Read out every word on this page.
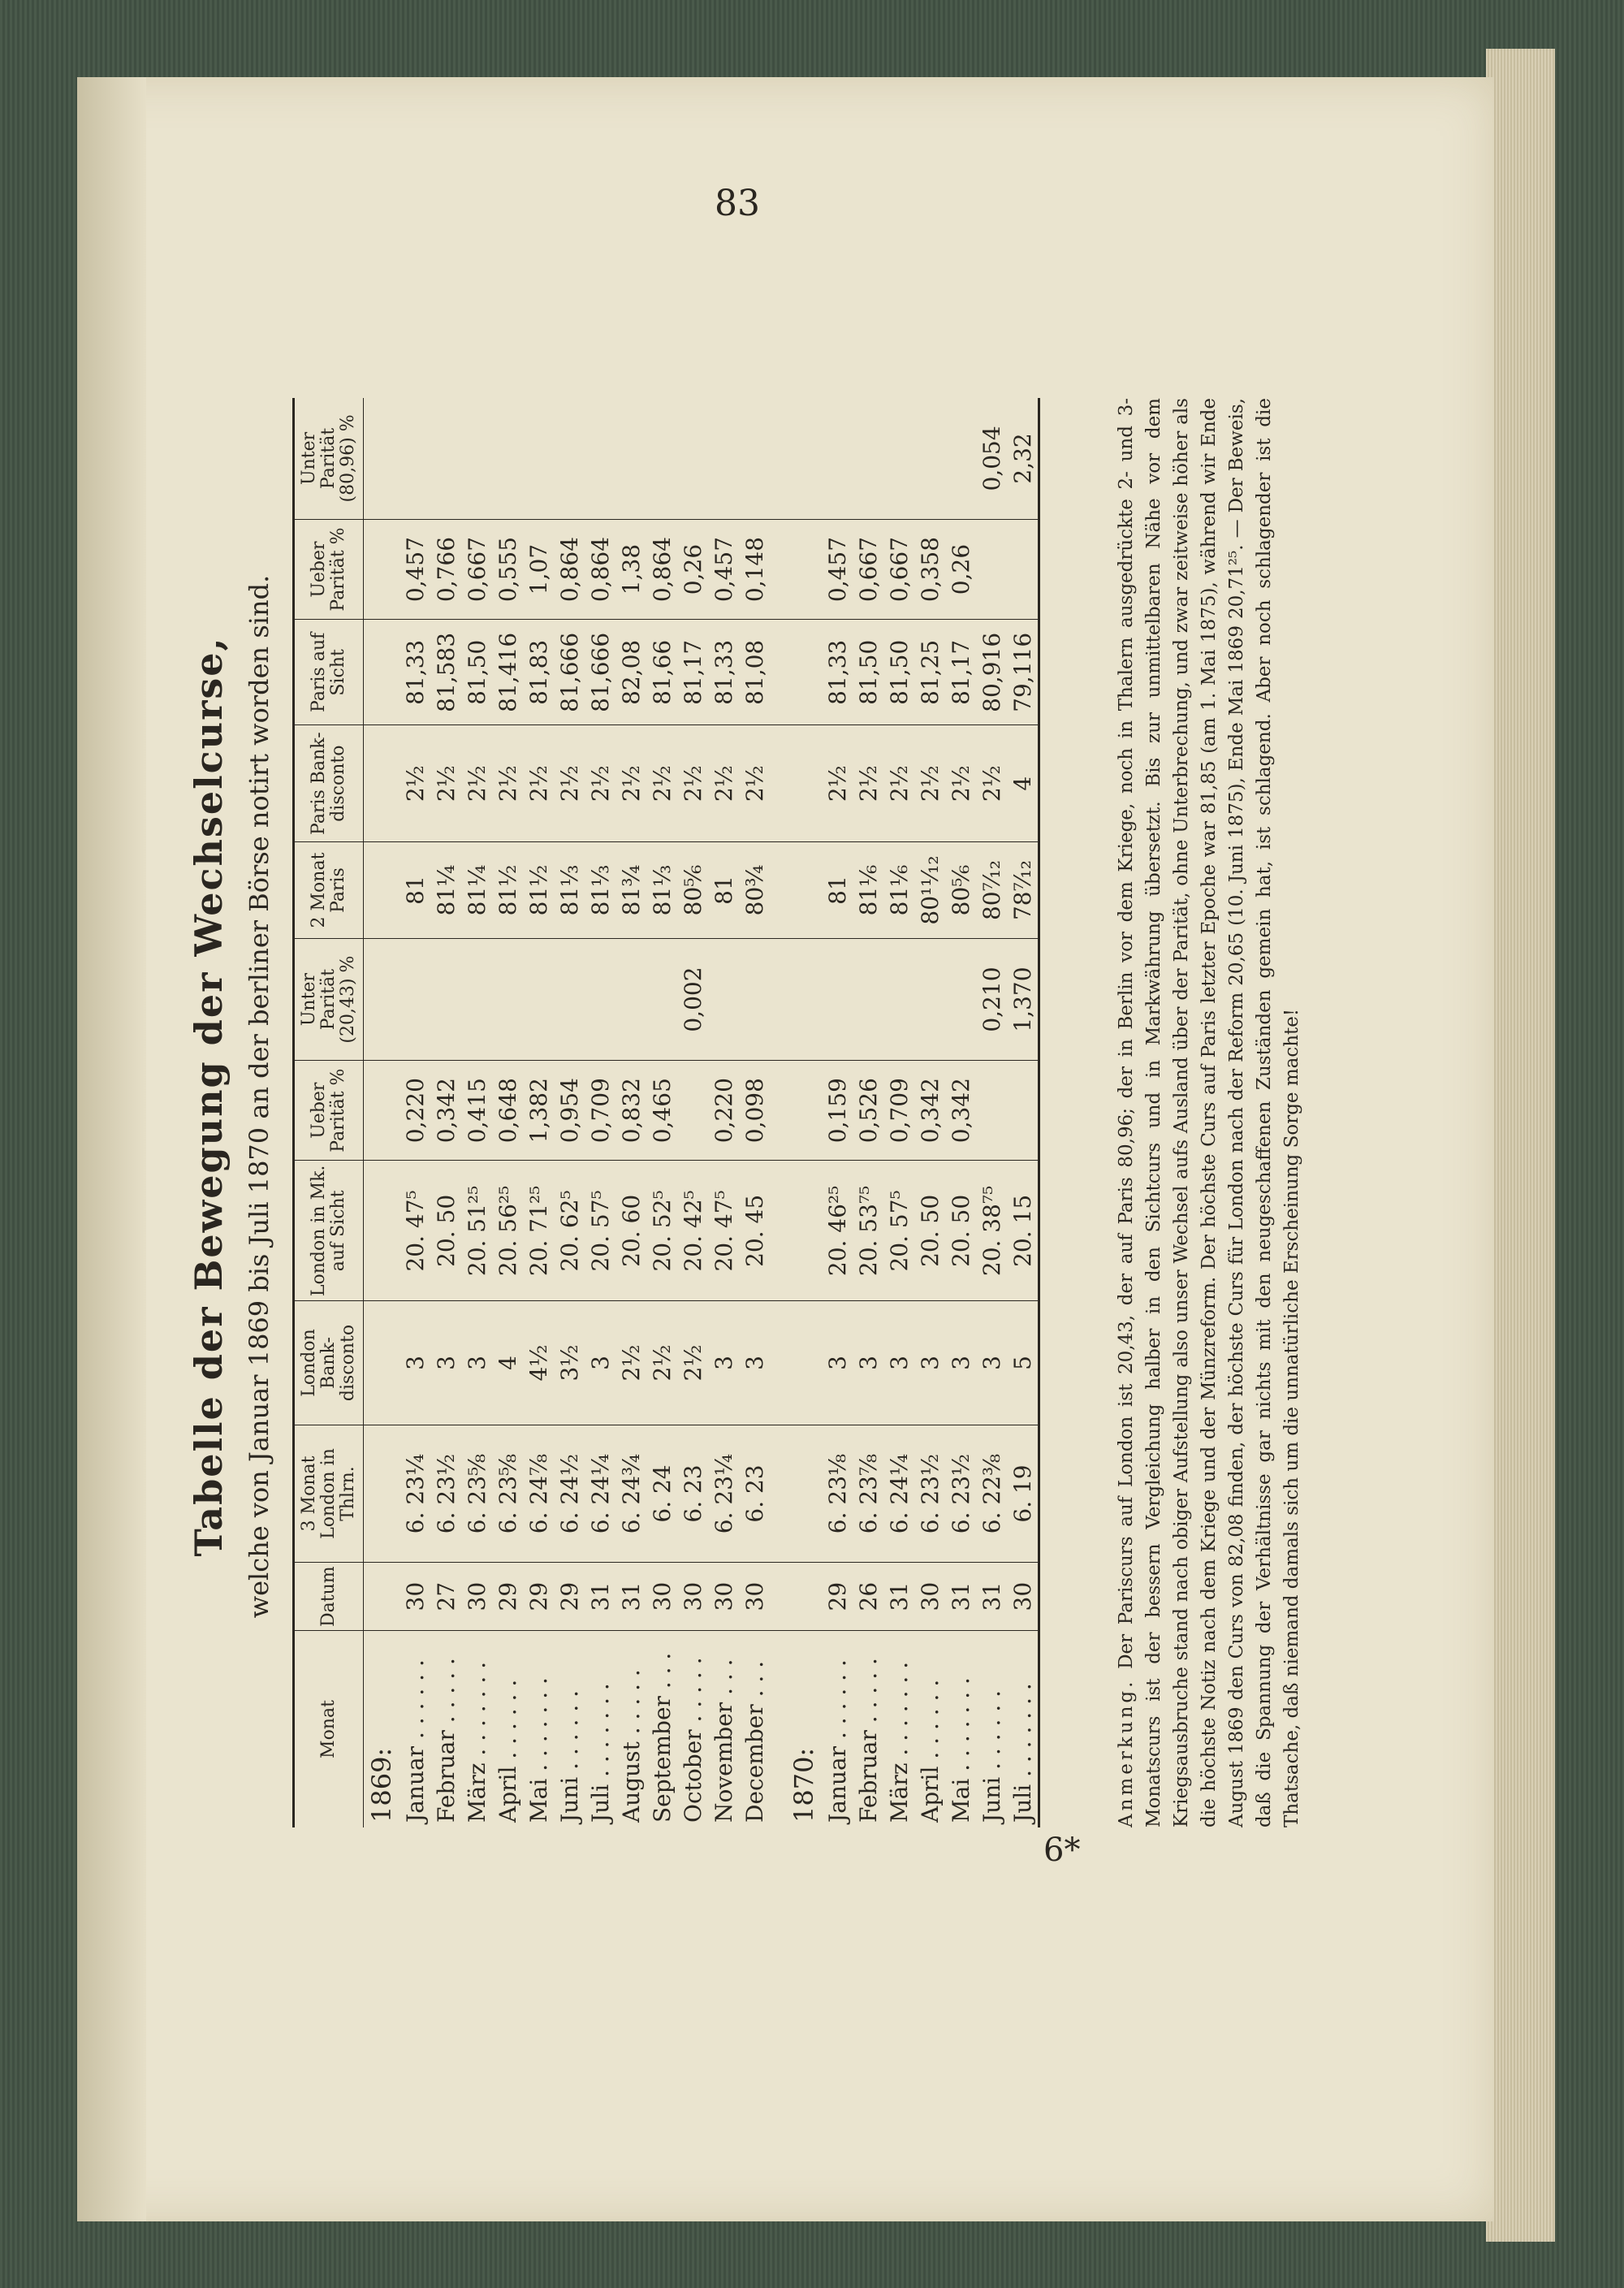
83
6*
Tabelle der Bewegung der Wechselcurse, welche von Januar 1869 bis Juli 1870 an der berliner Börse notirt worden sind.
Monat	Datum	3 Monat London in Thlrn.	London Bank-disconto	London in Mk. auf Sicht	Ueber Parität %	Unter Parität (20,43) %	2 Monat Paris	Paris Bank-disconto	Paris auf Sicht	Ueber Parität %	Unter Parität (80,96) %
1869:											
Januar . . . . . .	30	6. 23¼	3	20. 47⁵	0,220		81	2½	81,33	0,457	
Februar . . . . .	27	6. 23½	3	20. 50	0,342		81¼	2½	81,583	0,766	
März . . . . . . .	30	6. 23⅝	3	20. 51²⁵	0,415		81¼	2½	81,50	0,667	
April . . . . . .	29	6. 23⅝	4	20. 56²⁵	0,648		81½	2½	81,416	0,555	
Mai . . . . . . .	29	6. 24⅞	4½	20. 71²⁵	1,382		81½	2½	81,83	1,07	
Juni . . . . . .	29	6. 24½	3½	20. 62⁵	0,954		81⅓	2½	81,666	0,864	
Juli . . . . . . .	31	6. 24¼	3	20. 57⁵	0,709		81⅓	2½	81,666	0,864	
August . . . . .	31	6. 24¾	2½	20. 60	0,832		81¾	2½	82,08	1,38	
September . . .	30	6. 24	2½	20. 52⁵	0,465		81⅓	2½	81,66	0,864	
October . . . . .	30	6. 23	2½	20. 42⁵		0,002	80⅚	2½	81,17	0,26	
November . . .	30	6. 23¼	3	20. 47⁵	0,220		81	2½	81,33	0,457	
December . . .	30	6. 23	3	20. 45	0,098		80¾	2½	81,08	0,148	

1870:											
Januar . . . . . .	29	6. 23⅛	3	20. 46²⁵	0,159		81	2½	81,33	0,457	
Februar . . . . .	26	6. 23⅞	3	20. 53⁷⁵	0,526		81⅙	2½	81,50	0,667	
März . . . . . . .	31	6. 24¼	3	20. 57⁵	0,709		81⅙	2½	81,50	0,667	
April . . . . . .	30	6. 23½	3	20. 50	0,342		80¹¹⁄₁₂	2½	81,25	0,358	
Mai . . . . . . .	31	6. 23½	3	20. 50	0,342		80⅚	2½	81,17	0,26	
Juni . . . . . .	31	6. 22⅜	3	20. 38⁷⁵		0,210	80⁷⁄₁₂	2½	80,916		0,054
Juli . . . . . . .	30	6. 19	5	20. 15		1,370	78⁷⁄₁₂	4	79,116		2,32
Anmerkung. Der Pariscurs auf London ist 20,43, der auf Paris 80,96; der in Berlin vor dem Kriege, noch in Thalern ausgedrückte 2- und 3-Monatscurs ist der bessern Vergleichung halber in den Sichtcurs und in Markwährung übersetzt. Bis zur unmittelbaren Nähe vor dem Kriegsausbruche stand nach obiger Aufstellung also unser Wechsel aufs Ausland über der Parität, ohne Unterbrechung, und zwar zeitweise höher als die höchste Notiz nach dem Kriege und der Münzreform. Der höchste Curs auf Paris letzter Epoche war 81,85 (am 1. Mai 1875), während wir Ende August 1869 den Curs von 82,08 finden, der höchste Curs für London nach der Reform 20,65 (10. Juni 1875), Ende Mai 1869 20,71²⁵. — Der Beweis, daß die Spannung der Verhältnisse gar nichts mit den neugeschaffenen Zuständen gemein hat, ist schlagend. Aber noch schlagender ist die Thatsache, daß niemand damals sich um die unnatürliche Erscheinung Sorge machte!
